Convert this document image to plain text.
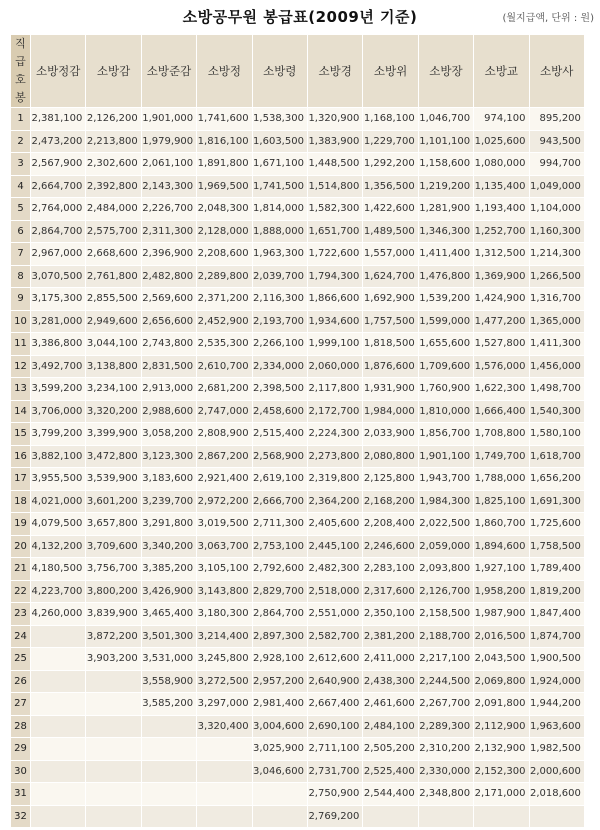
소방공무원 봉급표(2009년 기준)	(월지급액, 단위 : 원)
직급 호봉	소방정감	소방감	소방준감	소방정	소방령	소방경	소방위	소방장	소방교	소방사
1	2,381,100	2,126,200	1,901,000	1,741,600	1,538,300	1,320,900	1,168,100	1,046,700	974,100	895,200
2	2,473,200	2,213,800	1,979,900	1,816,100	1,603,500	1,383,900	1,229,700	1,101,100	1,025,600	943,500
3	2,567,900	2,302,600	2,061,100	1,891,800	1,671,100	1,448,500	1,292,200	1,158,600	1,080,000	994,700
4	2,664,700	2,392,800	2,143,300	1,969,500	1,741,500	1,514,800	1,356,500	1,219,200	1,135,400	1,049,000
5	2,764,000	2,484,000	2,226,700	2,048,300	1,814,000	1,582,300	1,422,600	1,281,900	1,193,400	1,104,000
6	2,864,700	2,575,700	2,311,300	2,128,000	1,888,000	1,651,700	1,489,500	1,346,300	1,252,700	1,160,300
7	2,967,000	2,668,600	2,396,900	2,208,600	1,963,300	1,722,600	1,557,000	1,411,400	1,312,500	1,214,300
8	3,070,500	2,761,800	2,482,800	2,289,800	2,039,700	1,794,300	1,624,700	1,476,800	1,369,900	1,266,500
9	3,175,300	2,855,500	2,569,600	2,371,200	2,116,300	1,866,600	1,692,900	1,539,200	1,424,900	1,316,700
10	3,281,000	2,949,600	2,656,600	2,452,900	2,193,700	1,934,600	1,757,500	1,599,000	1,477,200	1,365,000
11	3,386,800	3,044,100	2,743,800	2,535,300	2,266,100	1,999,100	1,818,500	1,655,600	1,527,800	1,411,300
12	3,492,700	3,138,800	2,831,500	2,610,700	2,334,000	2,060,000	1,876,600	1,709,600	1,576,000	1,456,000
13	3,599,200	3,234,100	2,913,000	2,681,200	2,398,500	2,117,800	1,931,900	1,760,900	1,622,300	1,498,700
14	3,706,000	3,320,200	2,988,600	2,747,000	2,458,600	2,172,700	1,984,000	1,810,000	1,666,400	1,540,300
15	3,799,200	3,399,900	3,058,200	2,808,900	2,515,400	2,224,300	2,033,900	1,856,700	1,708,800	1,580,100
16	3,882,100	3,472,800	3,123,300	2,867,200	2,568,900	2,273,800	2,080,800	1,901,100	1,749,700	1,618,700
17	3,955,500	3,539,900	3,183,600	2,921,400	2,619,100	2,319,800	2,125,800	1,943,700	1,788,000	1,656,200
18	4,021,000	3,601,200	3,239,700	2,972,200	2,666,700	2,364,200	2,168,200	1,984,300	1,825,100	1,691,300
19	4,079,500	3,657,800	3,291,800	3,019,500	2,711,300	2,405,600	2,208,400	2,022,500	1,860,700	1,725,600
20	4,132,200	3,709,600	3,340,200	3,063,700	2,753,100	2,445,100	2,246,600	2,059,000	1,894,600	1,758,500
21	4,180,500	3,756,700	3,385,200	3,105,100	2,792,600	2,482,300	2,283,100	2,093,800	1,927,100	1,789,400
22	4,223,700	3,800,200	3,426,900	3,143,800	2,829,700	2,518,000	2,317,600	2,126,700	1,958,200	1,819,200
23	4,260,000	3,839,900	3,465,400	3,180,300	2,864,700	2,551,000	2,350,100	2,158,500	1,987,900	1,847,400
24		3,872,200	3,501,300	3,214,400	2,897,300	2,582,700	2,381,200	2,188,700	2,016,500	1,874,700
25		3,903,200	3,531,000	3,245,800	2,928,100	2,612,600	2,411,000	2,217,100	2,043,500	1,900,500
26			3,558,900	3,272,500	2,957,200	2,640,900	2,438,300	2,244,500	2,069,800	1,924,000
27			3,585,200	3,297,000	2,981,400	2,667,400	2,461,600	2,267,700	2,091,800	1,944,200
28				3,320,400	3,004,600	2,690,100	2,484,100	2,289,300	2,112,900	1,963,600
29					3,025,900	2,711,100	2,505,200	2,310,200	2,132,900	1,982,500
30					3,046,600	2,731,700	2,525,400	2,330,000	2,152,300	2,000,600
31						2,750,900	2,544,400	2,348,800	2,171,000	2,018,600
32						2,769,200				
